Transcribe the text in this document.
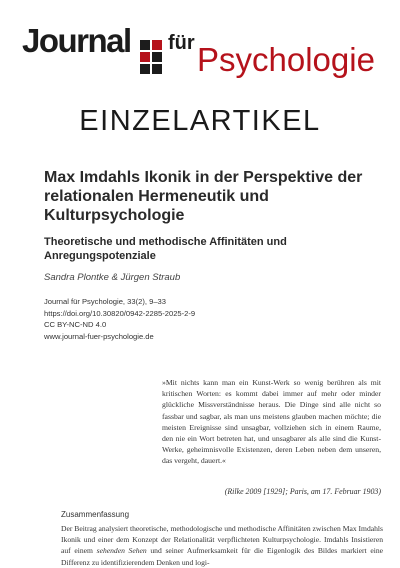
Journal für Psychologie
EINZELARTIKEL
Max Imdahls Ikonik in der Perspektive der relationalen Hermeneutik und Kulturpsychologie
Theoretische und methodische Affinitäten und Anregungspotenziale
Sandra Plontke & Jürgen Straub
Journal für Psychologie, 33(2), 9–33
https://doi.org/10.30820/0942-2285-2025-2-9
CC BY-NC-ND 4.0
www.journal-fuer-psychologie.de
»Mit nichts kann man ein Kunst-Werk so wenig berühren als mit kritischen Worten: es kommt dabei immer auf mehr oder minder glückliche Missverständnisse heraus. Die Dinge sind alle nicht so fassbar und sagbar, als man uns meistens glauben machen möchte; die meisten Ereignisse sind unsagbar, vollziehen sich in einem Raume, den nie ein Wort betreten hat, und unsagbarer als alle sind die Kunst-Werke, geheimnisvolle Existenzen, deren Leben neben dem unseren, das vergeht, dauert.«
(Rilke 2009 [1929]; Paris, am 17. Februar 1903)
Zusammenfassung
Der Beitrag analysiert theoretische, methodologische und methodische Affinitäten zwischen Max Imdahls Ikonik und einer dem Konzept der Relationalität verpflichteten Kulturpsychologie. Imdahls Insistieren auf einem sehenden Sehen und seiner Aufmerksamkeit für die Eigenlogik des Bildes markiert eine Differenz zu identifizierendem Denken und logi-
